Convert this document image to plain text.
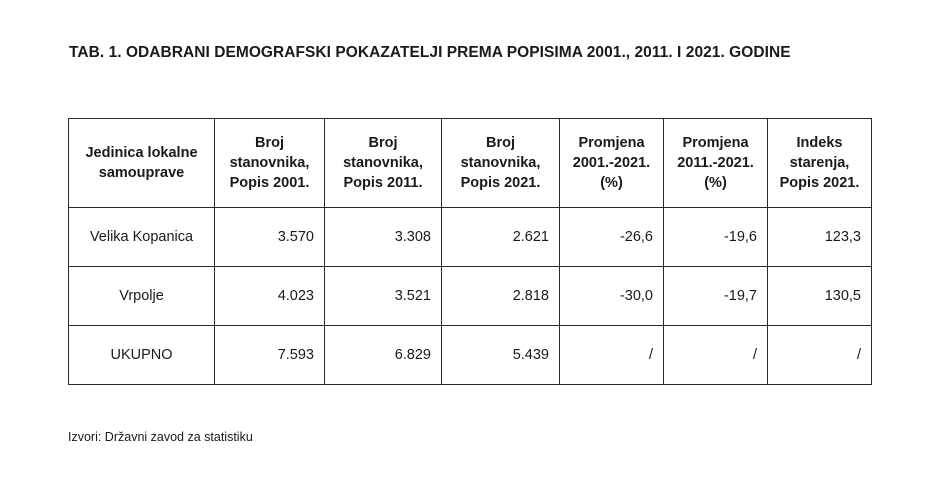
TAB. 1. ODABRANI DEMOGRAFSKI POKAZATELJI PREMA POPISIMA 2001., 2011. I 2021. GODINE
Jedinica lokalne samouprave	Broj stanovnika, Popis 2001.	Broj stanovnika, Popis 2011.	Broj stanovnika, Popis 2021.	Promjena 2001.-2021. (%)	Promjena 2011.-2021. (%)	Indeks starenja, Popis 2021.
Velika Kopanica	3.570	3.308	2.621	-26,6	-19,6	123,3
Vrpolje	4.023	3.521	2.818	-30,0	-19,7	130,5
UKUPNO	7.593	6.829	5.439	/	/	/
Izvori: Državni zavod za statistiku
